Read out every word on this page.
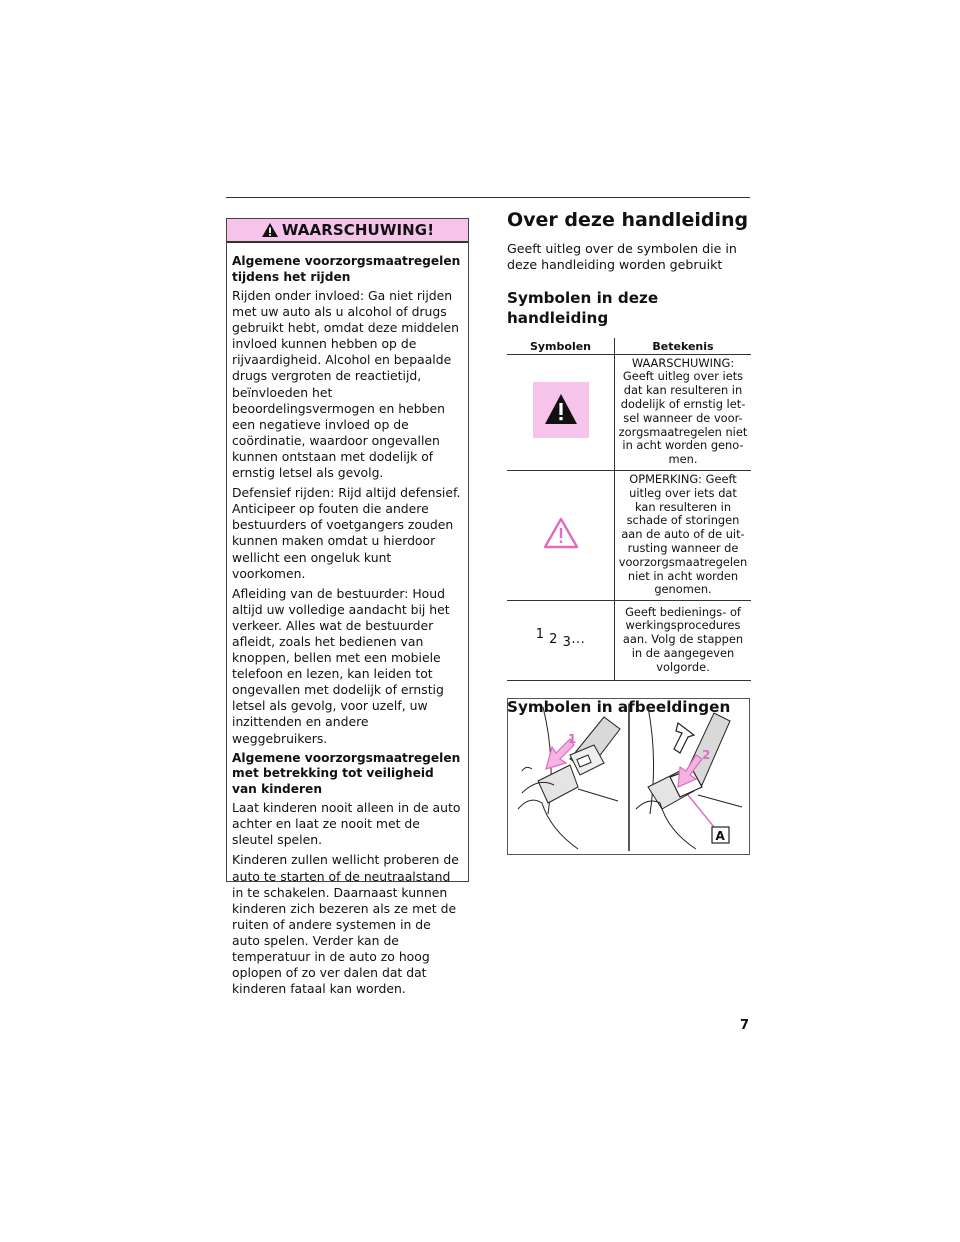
WAARSCHUWING!
Algemene voorzorgsmaatregelen tijdens het rijden

Rijden onder invloed: Ga niet rijden met uw auto als u alcohol of drugs gebruikt hebt, omdat deze middelen invloed kunnen hebben op de rijvaardigheid. Alcohol en bepaalde drugs vergroten de reactietijd, beïnvloeden het beoordelingsvermogen en hebben een negatieve invloed op de coördinatie, waardoor ongevallen kunnen ontstaan met dodelijk of ernstig letsel als gevolg.

Defensief rijden: Rijd altijd defensief. Anticipeer op fouten die andere bestuurders of voetgangers zouden kunnen maken omdat u hierdoor wellicht een ongeluk kunt voorkomen.

Afleiding van de bestuurder: Houd altijd uw volledige aandacht bij het verkeer. Alles wat de bestuurder afleidt, zoals het bedienen van knoppen, bellen met een mobiele telefoon en lezen, kan leiden tot ongevallen met dodelijk of ernstig letsel als gevolg, voor uzelf, uw inzittenden en andere weggebruikers.

Algemene voorzorgsmaatregelen met betrekking tot veiligheid van kinderen

Laat kinderen nooit alleen in de auto achter en laat ze nooit met de sleutel spelen.

Kinderen zullen wellicht proberen de auto te starten of de neutraalstand in te schakelen. Daarnaast kunnen kinderen zich bezeren als ze met de ruiten of andere systemen in de auto spelen. Verder kan de temperatuur in de auto zo hoog oplopen of zo ver dalen dat dat kinderen fataal kan worden.

Over deze handleiding

Geeft uitleg over de symbolen die in deze handleiding worden gebruikt

Symbolen in deze handleiding
Symbolen	Betekenis
	WAARSCHUWING: Geeft uitleg over iets dat kan resulteren in dodelijk of ernstig let-sel wanneer de voor-zorgsmaatregelen niet in acht worden geno-men.
	OPMERKING: Geeft uitleg over iets dat kan resulteren in schade of storingen aan de auto of de uit-rusting wanneer de voorzorgsmaatregelen niet in acht worden genomen.
1 2 3...	Geeft bedienings- of werkingsprocedures aan. Volg de stappen in de aangegeven volgorde.
Symbolen in afbeeldingen
1
2
A
7
